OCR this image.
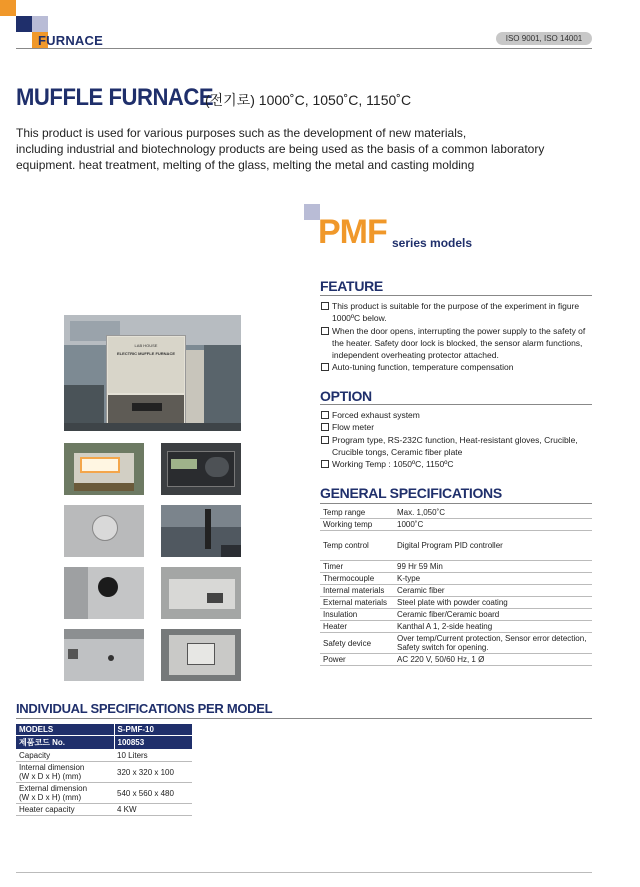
FURNACE	ISO 9001, ISO 14001
MUFFLE FURNACE
(전기로) 1000˚C, 1050˚C, 1150˚C
This product is used for various purposes such as the development of new materials,
including industrial and biotechnology products are being used as the basis of a common laboratory
equipment. heat treatment, melting of the glass, melting the metal and casting molding
PMF series models
FEATURE
This product is suitable for the purpose of the experiment in figure 1000ºC below.
When the door opens, interrupting the power supply to the safety of the heater. Safety door lock is blocked, the sensor alarm functions, independent overheating protector attached.
Auto-tuning function, temperature compensation
OPTION
Forced exhaust system
Flow meter
Program type, RS-232C function, Heat-resistant gloves, Crucible, Crucible tongs, Ceramic fiber plate
Working Temp : 1050ºC, 1150ºC
GENERAL SPECIFICATIONS
Temp range	Max. 1,050˚C
Working temp	1000˚C
Temp control	Digital Program PID controller
Timer	99 Hr 59 Min
Thermocouple	K-type
Internal materials	Ceramic fiber
External materials	Steel plate with powder coating
Insulation	Ceramic fiber/Ceramic board
Heater	Kanthal A 1, 2-side heating
Safety device	Over temp/Current protection, Sensor error detection, Safety switch for opening.
Power	AC 220 V, 50/60 Hz, 1 Ø
LAB HOUSE
ELECTRIC MUFFLE FURNACE
INDIVIDUAL SPECIFICATIONS PER MODEL
MODELS	S-PMF-10
제품코드 No.	100853
Capacity	10 Liters
Internal dimension
(W x D x H) (mm)	320 x 320 x 100
External dimension
(W x D x H) (mm)	540 x 560 x 480
Heater capacity	4 KW
